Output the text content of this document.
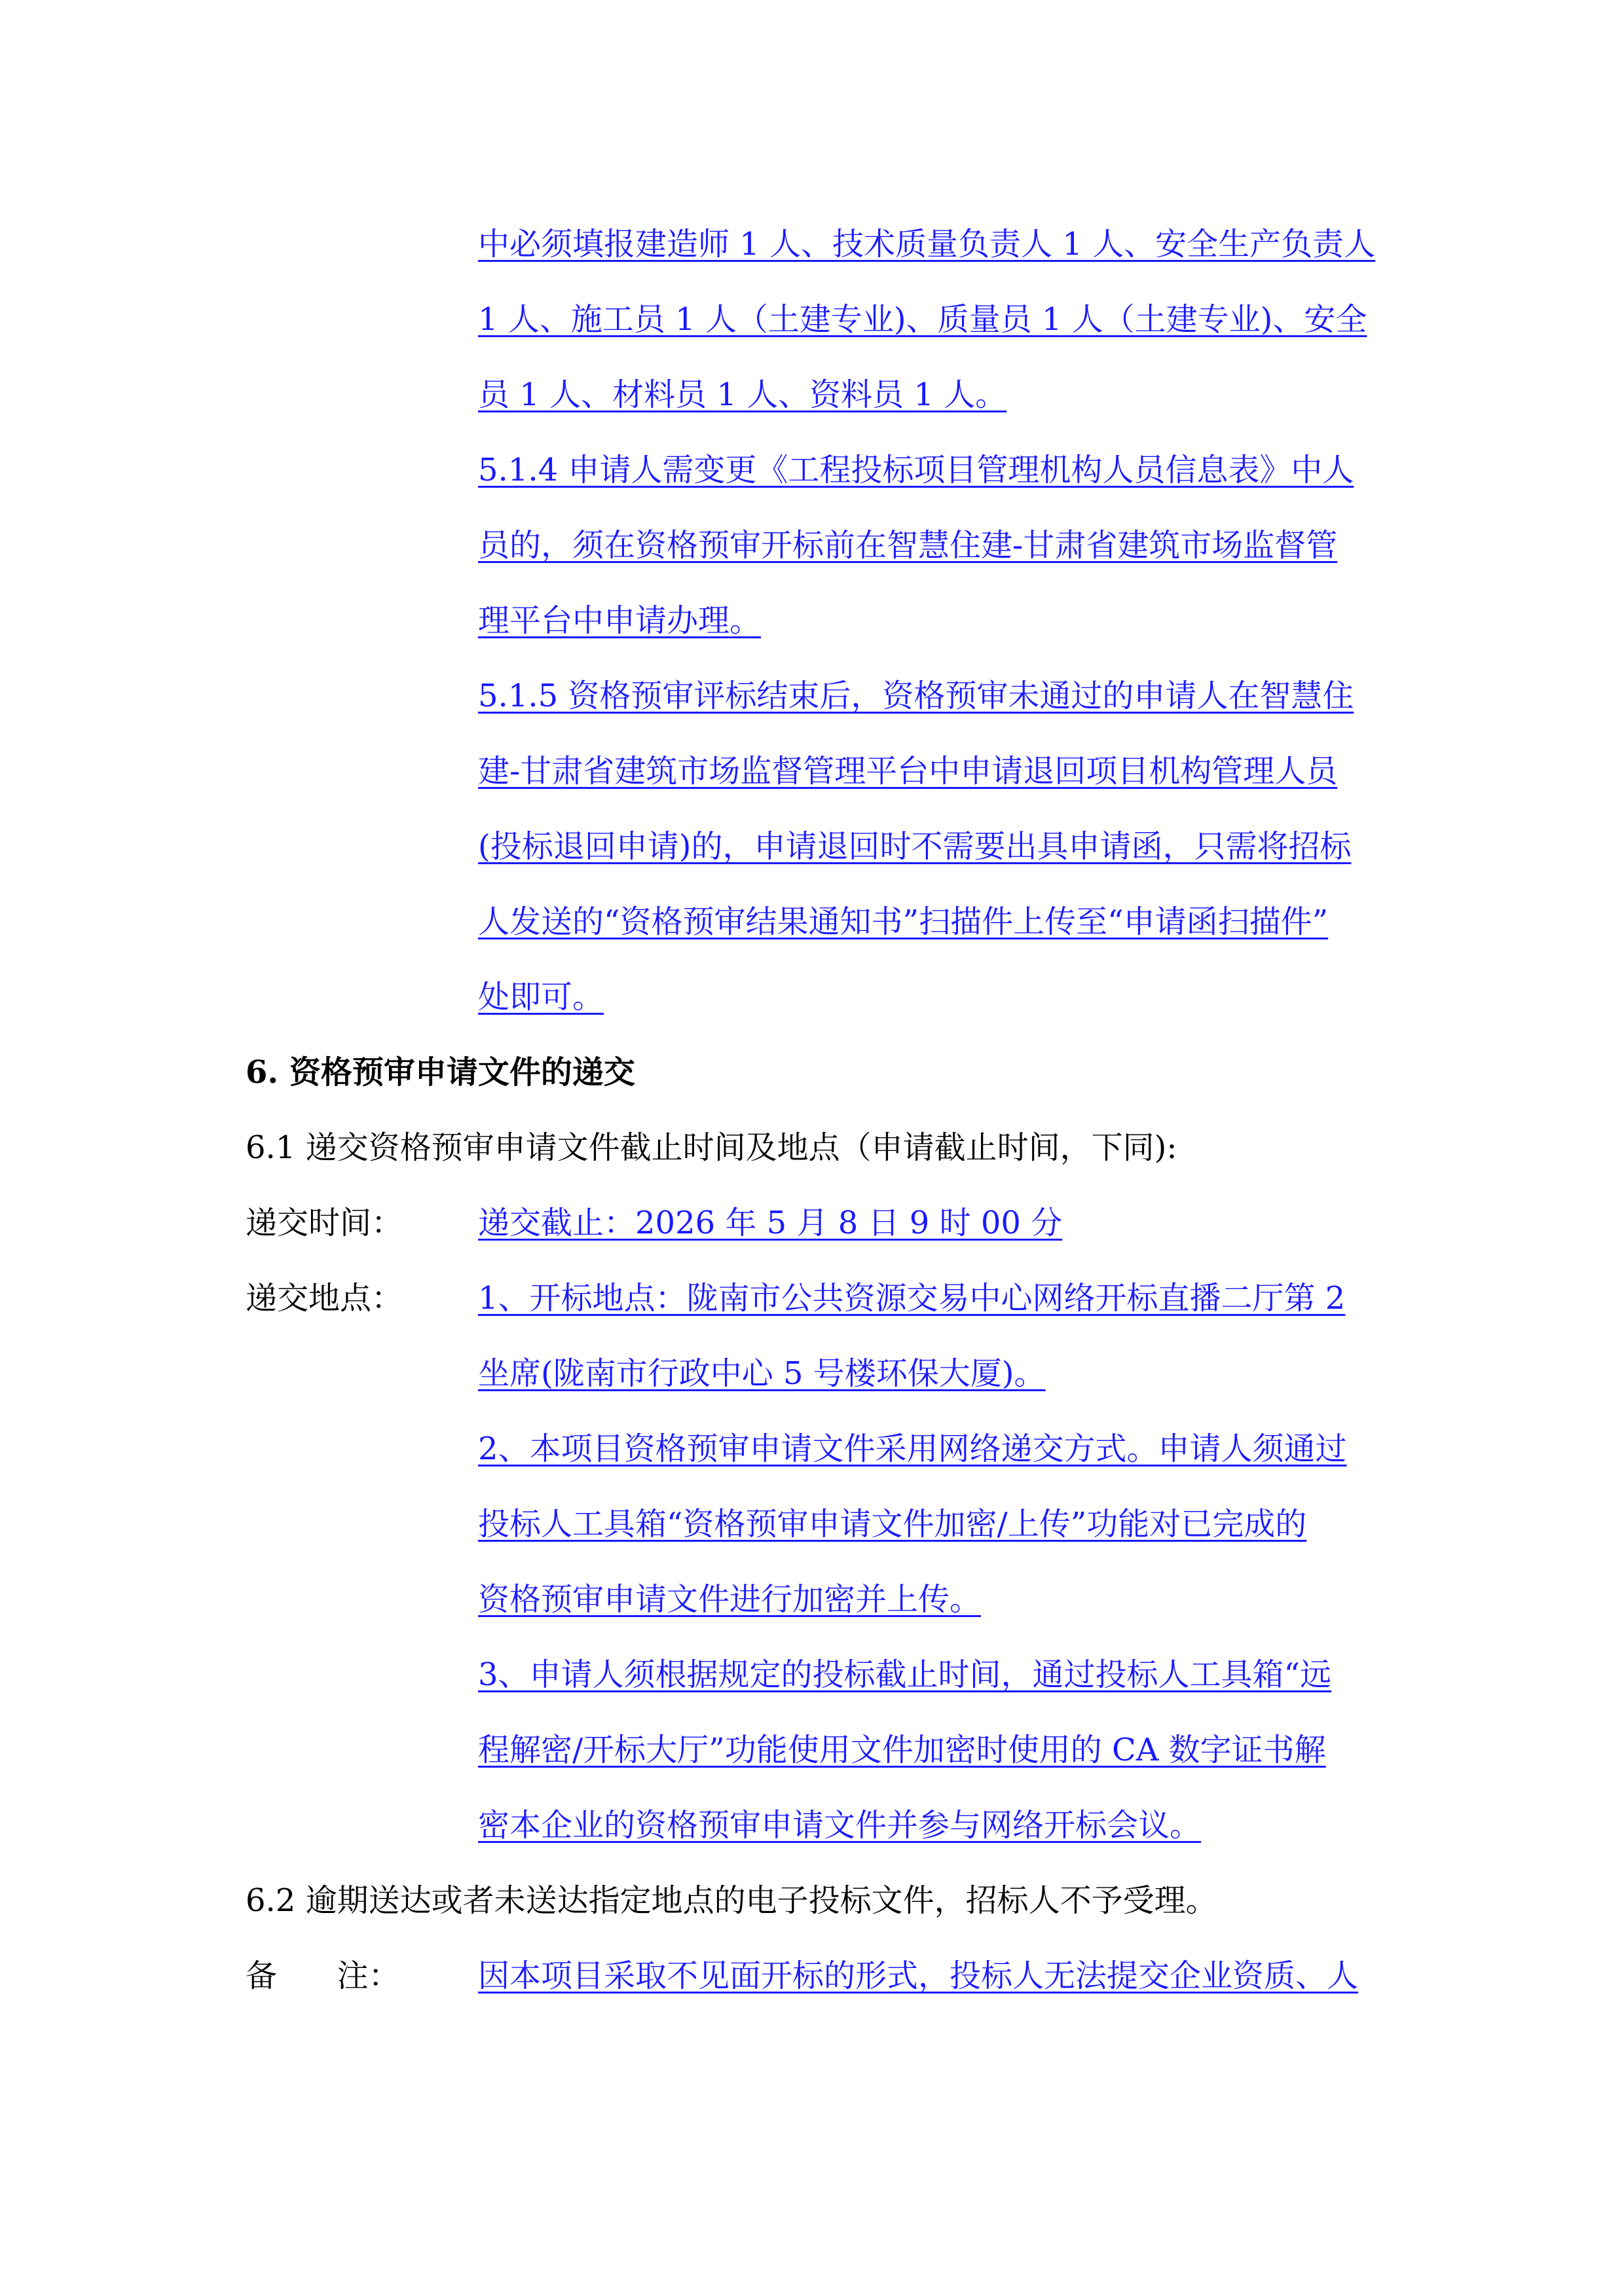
中必须填报建造师 1 人、技术质量负责人 1 人、安全生产负责人
1 人、施工员 1 人（土建专业)、质量员 1 人（土建专业)、安全
员 1 人、材料员 1 人、资料员 1 人。
5.1.4 申请人需变更《工程投标项目管理机构人员信息表》中人
员的，须在资格预审开标前在智慧住建-甘肃省建筑市场监督管
理平台中申请办理。
5.1.5 资格预审评标结束后，资格预审未通过的申请人在智慧住
建-甘肃省建筑市场监督管理平台中申请退回项目机构管理人员
(投标退回申请)的，申请退回时不需要出具申请函，只需将招标
人发送的“资格预审结果通知书”扫描件上传至“申请函扫描件”
处即可。
6. 资格预审申请文件的递交
6.1 递交资格预审申请文件截止时间及地点（申请截止时间，下同):
递交时间： 递交截止：2026 年 5 月 8 日 9 时 00 分
递交地点： 1、开标地点：陇南市公共资源交易中心网络开标直播二厅第 2
坐席(陇南市行政中心 5 号楼环保大厦)。
2、本项目资格预审申请文件采用网络递交方式。申请人须通过
投标人工具箱“资格预审申请文件加密/上传”功能对已完成的
资格预审申请文件进行加密并上传。
3、申请人须根据规定的投标截止时间，通过投标人工具箱“远
程解密/开标大厅”功能使用文件加密时使用的 CA 数字证书解
密本企业的资格预审申请文件并参与网络开标会议。
6.2 逾期送达或者未送达指定地点的电子投标文件，招标人不予受理。
备      注： 因本项目采取不见面开标的形式，投标人无法提交企业资质、人
